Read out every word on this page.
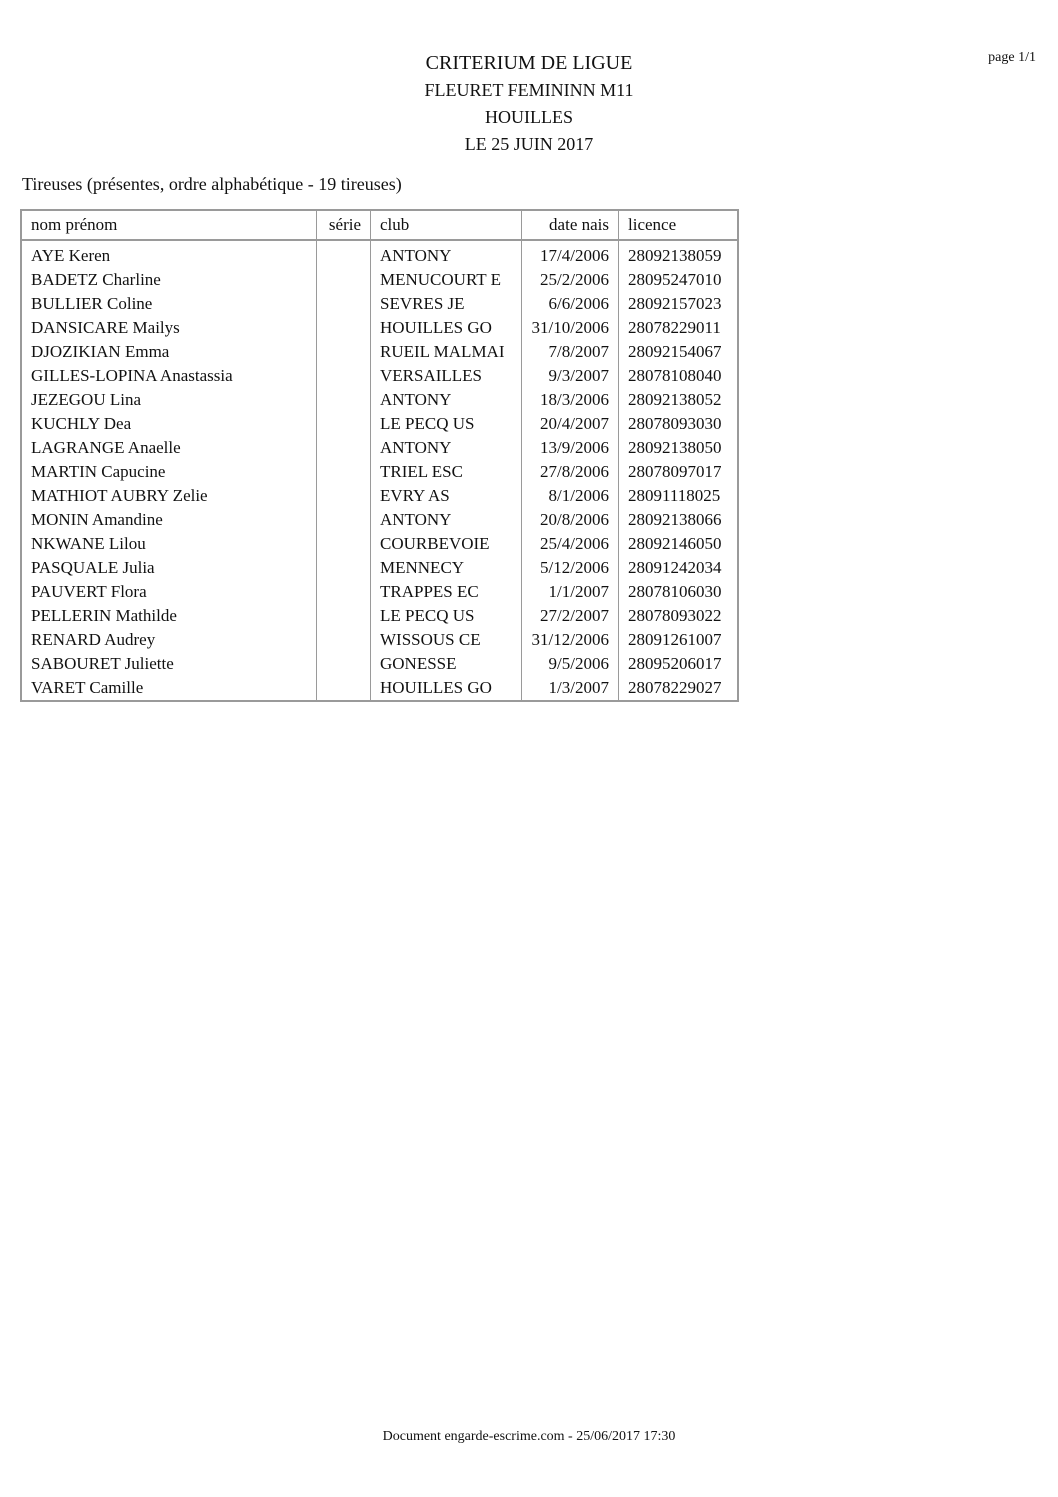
page 1/1
CRITERIUM DE LIGUE
FLEURET FEMININN M11
HOUILLES
LE 25 JUIN 2017
Tireuses (présentes, ordre alphabétique - 19 tireuses)
nom prénom	série	club	date nais	licence
AYE Keren		ANTONY	17/4/2006	28092138059
BADETZ Charline		MENUCOURT E	25/2/2006	28095247010
BULLIER Coline		SEVRES JE	6/6/2006	28092157023
DANSICARE Mailys		HOUILLES GO	31/10/2006	28078229011
DJOZIKIAN Emma		RUEIL MALMAI	7/8/2007	28092154067
GILLES-LOPINA Anastassia		VERSAILLES	9/3/2007	28078108040
JEZEGOU Lina		ANTONY	18/3/2006	28092138052
KUCHLY Dea		LE PECQ US	20/4/2007	28078093030
LAGRANGE Anaelle		ANTONY	13/9/2006	28092138050
MARTIN Capucine		TRIEL ESC	27/8/2006	28078097017
MATHIOT AUBRY Zelie		EVRY AS	8/1/2006	28091118025
MONIN Amandine		ANTONY	20/8/2006	28092138066
NKWANE Lilou		COURBEVOIE	25/4/2006	28092146050
PASQUALE Julia		MENNECY	5/12/2006	28091242034
PAUVERT Flora		TRAPPES EC	1/1/2007	28078106030
PELLERIN Mathilde		LE PECQ US	27/2/2007	28078093022
RENARD Audrey		WISSOUS CE	31/12/2006	28091261007
SABOURET Juliette		GONESSE	9/5/2006	28095206017
VARET Camille		HOUILLES GO	1/3/2007	28078229027
Document engarde-escrime.com - 25/06/2017 17:30
